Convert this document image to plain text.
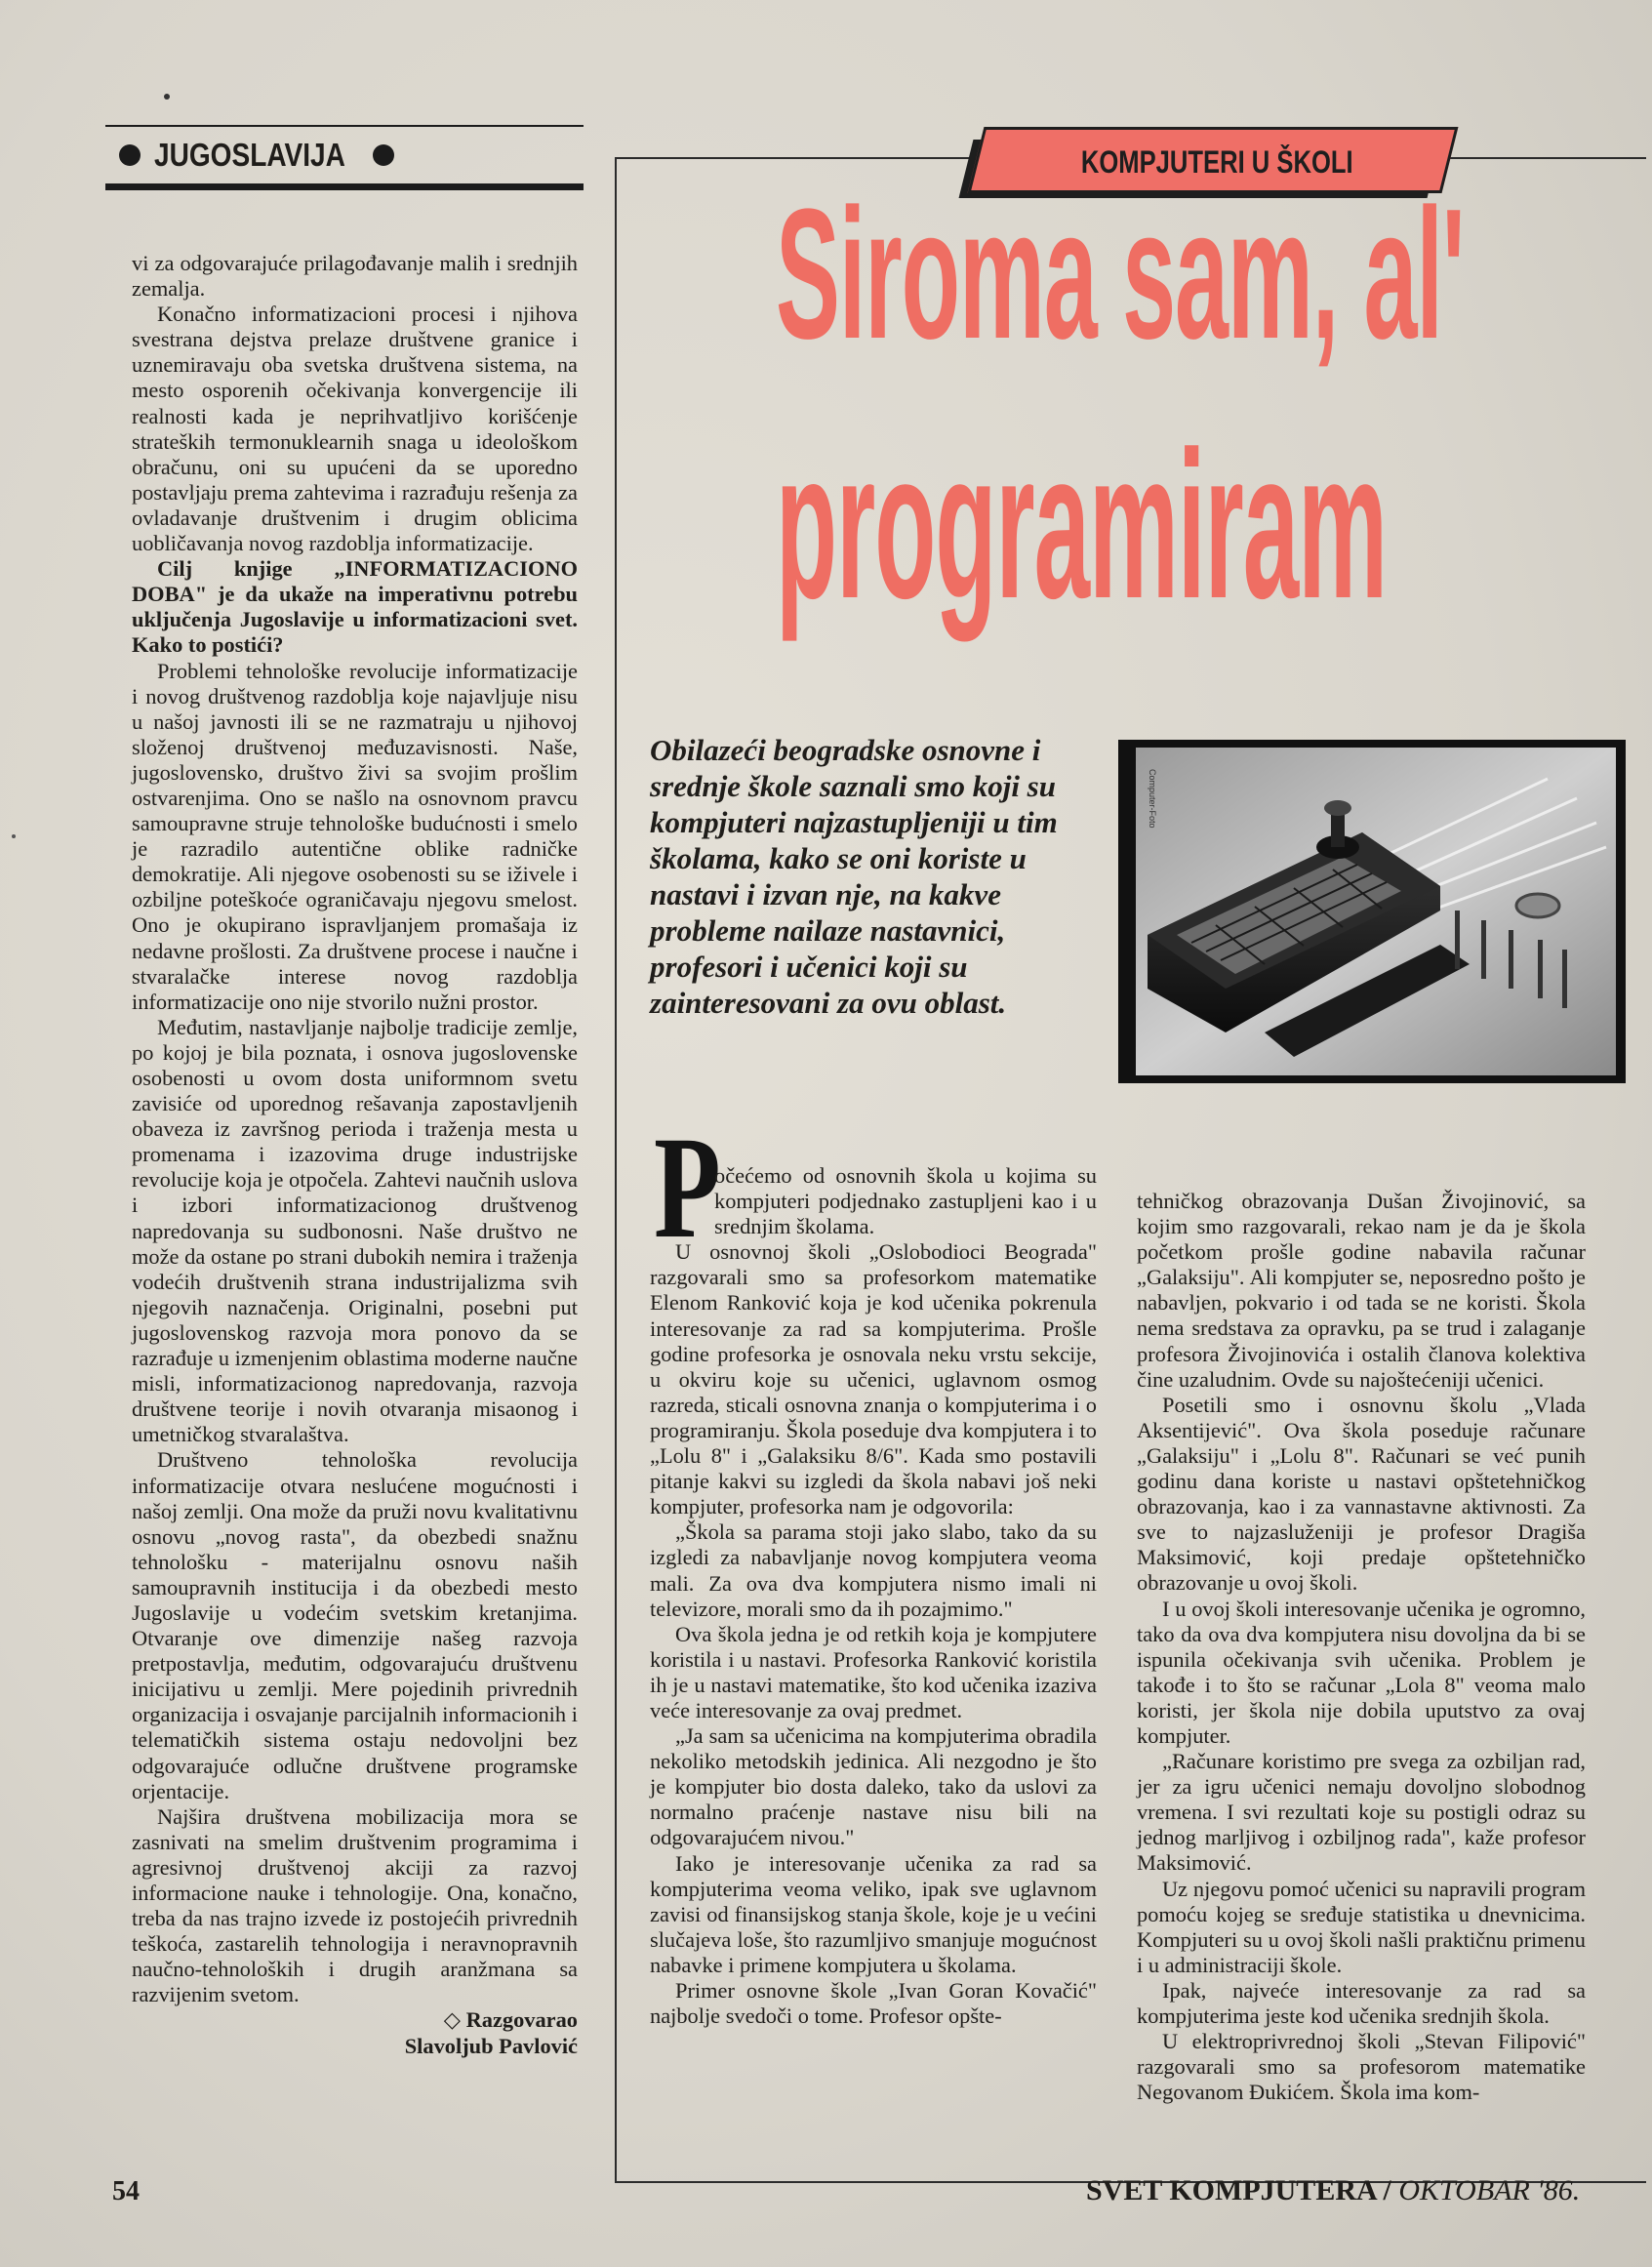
JUGOSLAVIJA

vi za odgovarajuće prilagođavanje malih i srednjih zemalja.

Konačno informatizacioni procesi i njihova svestrana dejstva prelaze društvene granice i uznemiravaju oba svetska društvena sistema, na mesto osporenih očekivanja konvergencije ili realnosti kada je neprihvatljivo korišćenje strateških termonuklearnih snaga u ideološkom obračunu, oni su upućeni da se uporedno postavljaju prema zahtevima i razrađuju rešenja za ovladavanje društvenim i drugim oblicima uobličavanja novog razdoblja informatizacije.

Cilj knjige „INFORMATIZACIONO DOBA" je da ukaže na imperativnu potrebu uključenja Jugoslavije u informatizacioni svet. Kako to postići?

Problemi tehnološke revolucije informatizacije i novog društvenog razdoblja koje najavljuje nisu u našoj javnosti ili se ne razmatraju u njihovoj složenoj društvenoj međuzavisnosti. Naše, jugoslovensko, društvo živi sa svojim prošlim ostvarenjima. Ono se našlo na osnovnom pravcu samoupravne struje tehnološke budućnosti i smelo je razradilo autentične oblike radničke demokratije. Ali njegove osobenosti su se iživele i ozbiljne poteškoće ograničavaju njegovu smelost. Ono je okupirano ispravljanjem promašaja iz nedavne prošlosti. Za društvene procese i naučne i stvaralačke interese novog razdoblja informatizacije ono nije stvorilo nužni prostor.

Međutim, nastavljanje najbolje tradicije zemlje, po kojoj je bila poznata, i osnova jugoslovenske osobenosti u ovom dosta uniformnom svetu zavisiće od uporednog rešavanja zapostavljenih obaveza iz završnog perioda i traženja mesta u promenama i izazovima druge industrijske revolucije koja je otpočela. Zahtevi naučnih uslova i izbori informatizacionog društvenog napredovanja su sudbonosni. Naše društvo ne može da ostane po strani dubokih nemira i traženja vodećih društvenih strana industrijalizma svih njegovih naznačenja. Originalni, posebni put jugoslovenskog razvoja mora ponovo da se razrađuje u izmenjenim oblastima moderne naučne misli, informatizacionog napredovanja, razvoja društvene teorije i novih otvaranja misaonog i umetničkog stvaralaštva.

Društveno tehnološka revolucija informatizacije otvara neslućene mogućnosti i našoj zemlji. Ona može da pruži novu kvalitativnu osnovu „novog rasta", da obezbedi snažnu tehnološku - materijalnu osnovu naših samoupravnih institucija i da obezbedi mesto Jugoslavije u vodećim svetskim kretanjima. Otvaranje ove dimenzije našeg razvoja pretpostavlja, međutim, odgovarajuću društvenu inicijativu u zemlji. Mere pojedinih privrednih organizacija i osvajanje parcijalnih informacionih i telematičkih sistema ostaju nedovoljni bez odgovarajuće odlučne društvene programske orjentacije.

Najšira društvena mobilizacija mora se zasnivati na smelim društvenim programima i agresivnoj društvenoj akciji za razvoj informacione nauke i tehnologije. Ona, konačno, treba da nas trajno izvede iz postojećih privrednih teškoća, zastarelih tehnologija i neravnopravnih naučno-tehnoloških i drugih aranžmana sa razvijenim svetom.

◇ Razgovarao

Slavoljub Pavlović

54
KOMPJUTERI U ŠKOLI
Siroma sam, al'
programiram

Obilazeći beogradske osnovne i srednje škole saznali smo koji su kompjuteri najzastupljeniji u tim školama, kako se oni koriste u nastavi i izvan nje, na kakve probleme nailaze nastavnici, profesori i učenici koji su zainteresovani za ovu oblast.

Computer-Foto
P

očećemo od osnovnih škola u kojima su kompjuteri podjednako zastupljeni kao i u srednjim školama.

U osnovnoj školi „Oslobodioci Beograda" razgovarali smo sa profesorkom matematike Elenom Ranković koja je kod učenika pokrenula interesovanje za rad sa kompjuterima. Prošle godine profesorka je osnovala neku vrstu sekcije, u okviru koje su učenici, uglavnom osmog razreda, sticali osnovna znanja o kompjuterima i o programiranju. Škola poseduje dva kompjutera i to „Lolu 8" i „Galaksiku 8/6". Kada smo postavili pitanje kakvi su izgledi da škola nabavi još neki kompjuter, profesorka nam je odgovorila:

„Škola sa parama stoji jako slabo, tako da su izgledi za nabavljanje novog kompjutera veoma mali. Za ova dva kompjutera nismo imali ni televizore, morali smo da ih pozajmimo."

Ova škola jedna je od retkih koja je kompjutere koristila i u nastavi. Profesorka Ranković koristila ih je u nastavi matematike, što kod učenika izaziva veće interesovanje za ovaj predmet.

„Ja sam sa učenicima na kompjuterima obradila nekoliko metodskih jedinica. Ali nezgodno je što je kompjuter bio dosta daleko, tako da uslovi za normalno praćenje nastave nisu bili na odgovarajućem nivou."

Iako je interesovanje učenika za rad sa kompjuterima veoma veliko, ipak sve uglavnom zavisi od finansijskog stanja škole, koje je u većini slučajeva loše, što razumljivo smanjuje mogućnost nabavke i primene kompjutera u školama.

Primer osnovne škole „Ivan Goran Kovačić" najbolje svedoči o tome. Profesor opšte-

tehničkog obrazovanja Dušan Živojinović, sa kojim smo razgovarali, rekao nam je da je škola početkom prošle godine nabavila računar „Galaksiju". Ali kompjuter se, neposredno pošto je nabavljen, pokvario i od tada se ne koristi. Škola nema sredstava za opravku, pa se trud i zalaganje profesora Živojinovića i ostalih članova kolektiva čine uzaludnim. Ovde su najoštećeniji učenici.

Posetili smo i osnovnu školu „Vlada Aksentijević". Ova škola poseduje računare „Galaksiju" i „Lolu 8". Računari se već punih godinu dana koriste u nastavi opštetehničkog obrazovanja, kao i za vannastavne aktivnosti. Za sve to najzasluženiji je profesor Dragiša Maksimović, koji predaje opštetehničko obrazovanje u ovoj školi.

I u ovoj školi interesovanje učenika je ogromno, tako da ova dva kompjutera nisu dovoljna da bi se ispunila očekivanja svih učenika. Problem je takođe i to što se računar „Lola 8" veoma malo koristi, jer škola nije dobila uputstvo za ovaj kompjuter.

„Računare koristimo pre svega za ozbiljan rad, jer za igru učenici nemaju dovoljno slobodnog vremena. I svi rezultati koje su postigli odraz su jednog marljivog i ozbiljnog rada", kaže profesor Maksimović.

Uz njegovu pomoć učenici su napravili program pomoću kojeg se sređuje statistika u dnevnicima. Kompjuteri su u ovoj školi našli praktičnu primenu i u administraciji škole.

Ipak, najveće interesovanje za rad sa kompjuterima jeste kod učenika srednjih škola.

U elektroprivrednoj školi „Stevan Filipović" razgovarali smo sa profesorom matematike Negovanom Đukićem. Škola ima kom-

SVET KOMPJUTERA / OKTOBAR '86.
